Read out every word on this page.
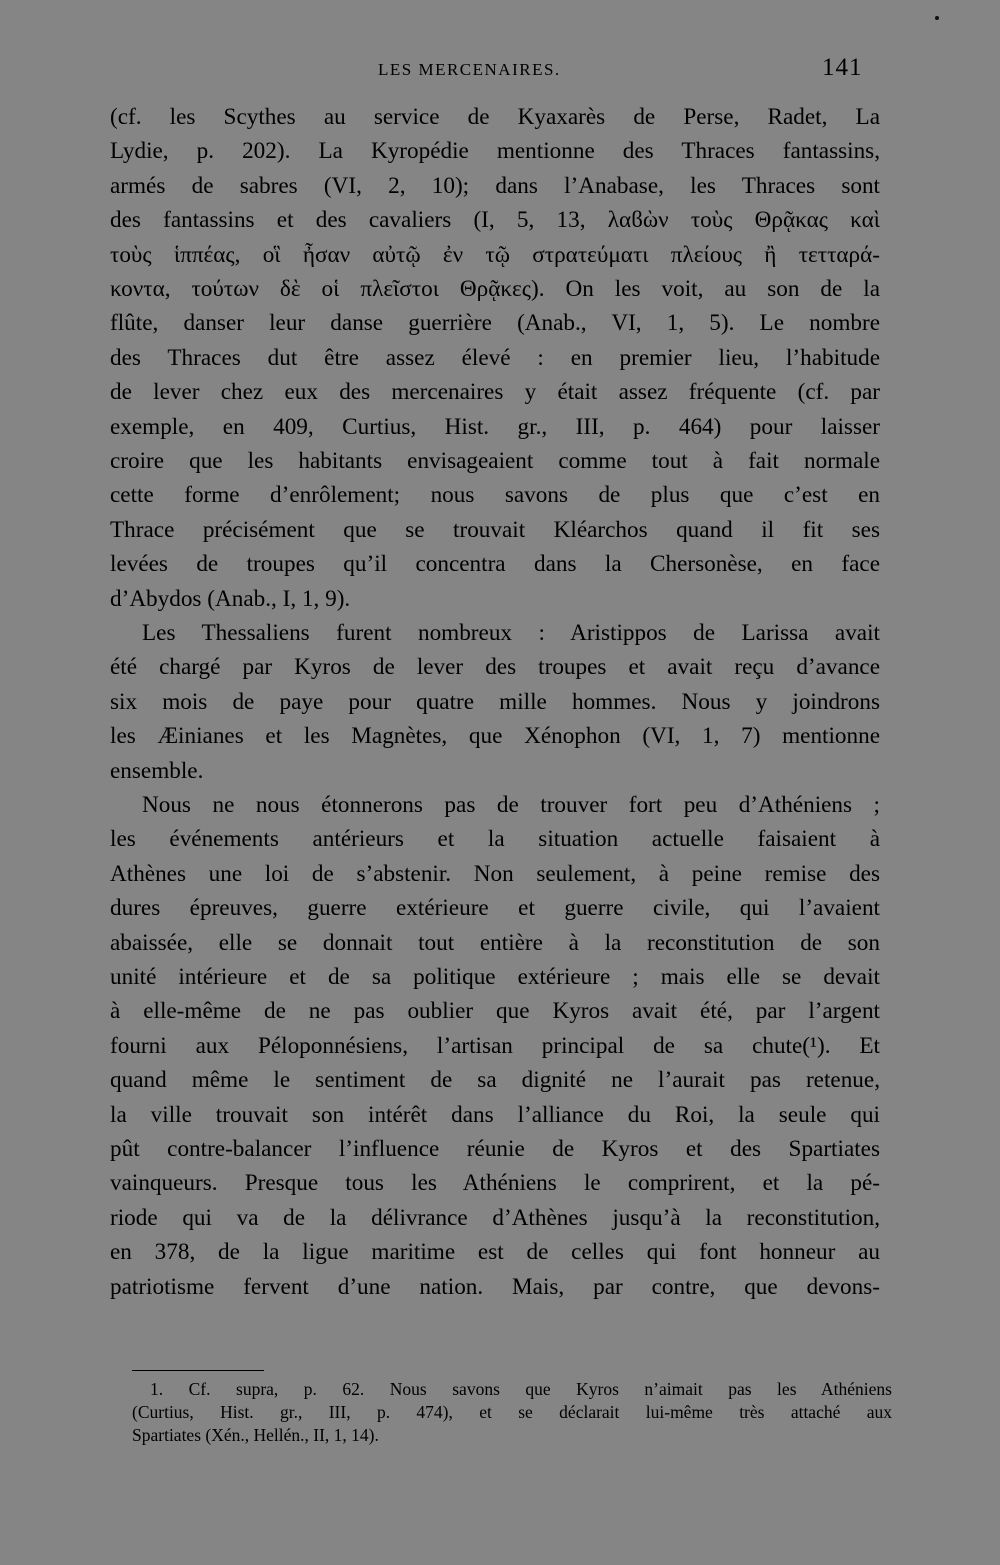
LES MERCENAIRES.	141
(cf. les Scythes au service de Kyaxarès de Perse, Radet, La
Lydie, p. 202). La Kyropédie mentionne des Thraces fantassins,
armés de sabres (VI, 2, 10); dans l’Anabase, les Thraces sont
des fantassins et des cavaliers (I, 5, 13, λαϐὼν τοὺς Θρᾷκας καὶ
τοὺς ἱππέας, οἳ ἦσαν αὐτῷ ἐν τῷ στρατεύματι πλείους ἢ τετταρά-
κοντα, τούτων δὲ οἱ πλεῖστοι Θρᾷκες). On les voit, au son de la
flûte, danser leur danse guerrière (Anab., VI, 1, 5). Le nombre
des Thraces dut être assez élevé : en premier lieu, l’habitude
de lever chez eux des mercenaires y était assez fréquente (cf. par
exemple, en 409, Curtius, Hist. gr., III, p. 464) pour laisser
croire que les habitants envisageaient comme tout à fait normale
cette forme d’enrôlement; nous savons de plus que c’est en
Thrace précisément que se trouvait Kléarchos quand il fit ses
levées de troupes qu’il concentra dans la Chersonèse, en face
d’Abydos (Anab., I, 1, 9).
Les Thessaliens furent nombreux : Aristippos de Larissa avait
été chargé par Kyros de lever des troupes et avait reçu d’avance
six mois de paye pour quatre mille hommes. Nous y joindrons
les Æinianes et les Magnètes, que Xénophon (VI, 1, 7) mentionne
ensemble.
Nous ne nous étonnerons pas de trouver fort peu d’Athéniens ;
les événements antérieurs et la situation actuelle faisaient à
Athènes une loi de s’abstenir. Non seulement, à peine remise des
dures épreuves, guerre extérieure et guerre civile, qui l’avaient
abaissée, elle se donnait tout entière à la reconstitution de son
unité intérieure et de sa politique extérieure ; mais elle se devait
à elle-même de ne pas oublier que Kyros avait été, par l’argent
fourni aux Péloponnésiens, l’artisan principal de sa chute(¹). Et
quand même le sentiment de sa dignité ne l’aurait pas retenue,
la ville trouvait son intérêt dans l’alliance du Roi, la seule qui
pût contre-balancer l’influence réunie de Kyros et des Spartiates
vainqueurs. Presque tous les Athéniens le comprirent, et la pé-
riode qui va de la délivrance d’Athènes jusqu’à la reconstitution,
en 378, de la ligue maritime est de celles qui font honneur au
patriotisme fervent d’une nation. Mais, par contre, que devons-
1. Cf. supra, p. 62. Nous savons que Kyros n’aimait pas les Athéniens
(Curtius, Hist. gr., III, p. 474), et se déclarait lui-même très attaché aux
Spartiates (Xén., Hellén., II, 1, 14).
